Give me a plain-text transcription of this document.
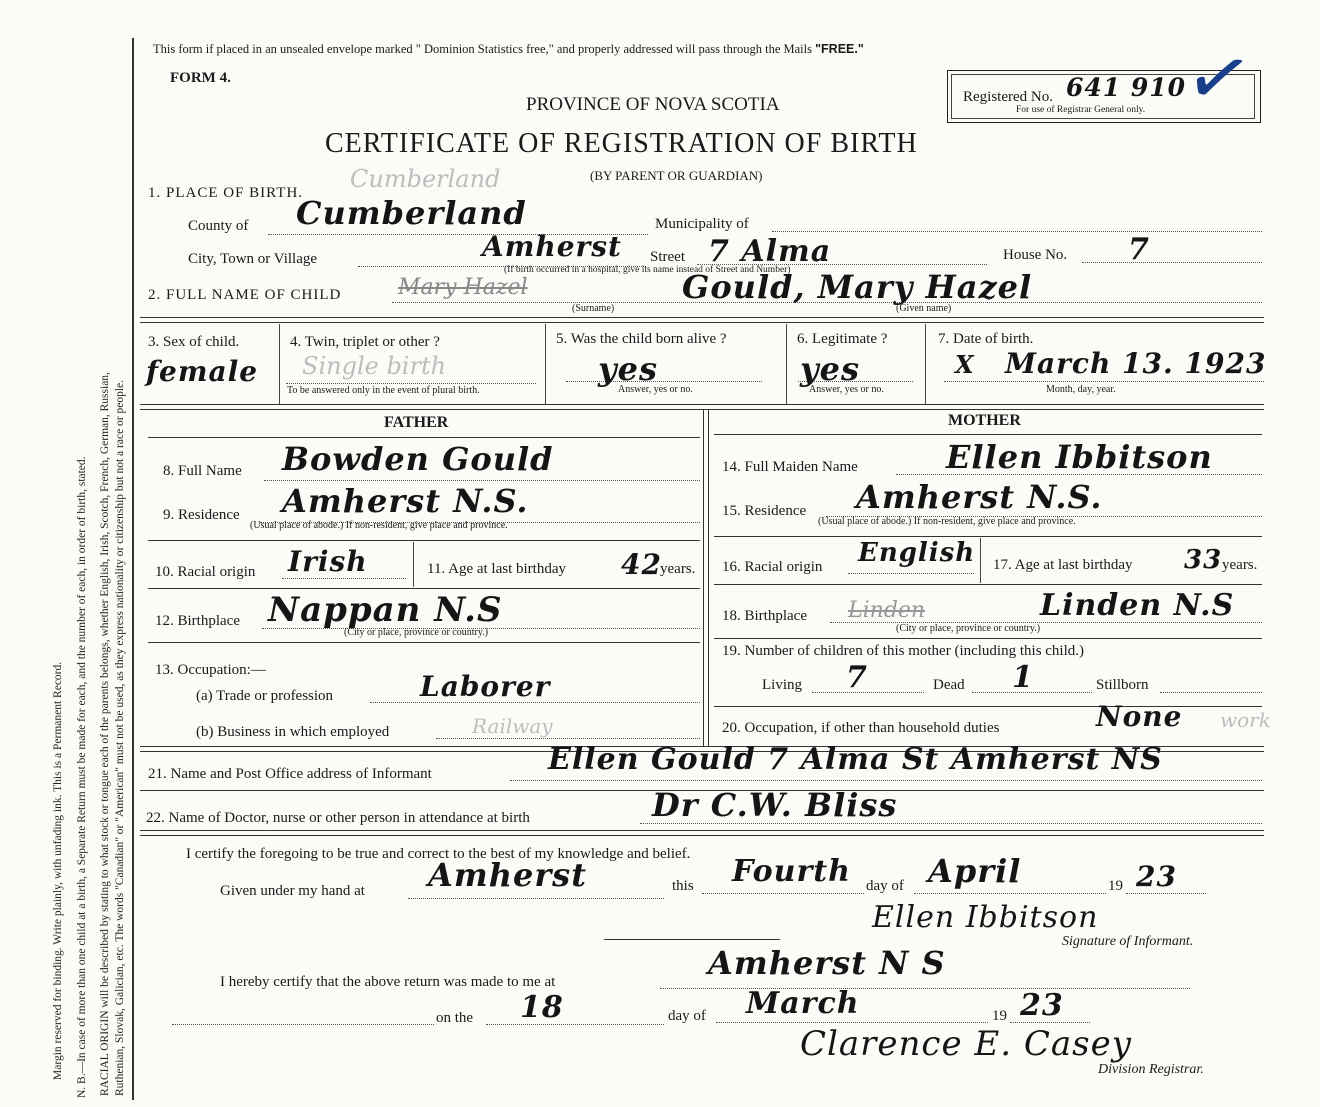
Margin reserved for binding. Write plainly, with unfading ink. This is a Permanent Record. N. B.—In case of more than one child at a birth, a Separate Return must be made for each, and the number of each, in order of birth, stated. RACIAL ORIGIN will be described by stating to what stock or tongue each of the parents belongs, whether English, Irish, Scotch, French, German, Russian, Ruthenian, Slovak, Galician, etc. The words "Canadian" or "American" must not be used, as they express nationality or citizenship but not a race or people.
This form if placed in an unsealed envelope marked " Dominion Statistics free," and properly addressed will pass through the Mails "FREE."
FORM 4.
PROVINCE OF NOVA SCOTIA
CERTIFICATE OF REGISTRATION OF BIRTH
(BY PARENT OR GUARDIAN)
Registered No. 641 910
For use of Registrar General only. ✓
1. PLACE OF BIRTH. Cumberland
County of Cumberland	Municipality of
City, Town or Village	Amherst Street 7 Alma	House No. 7
(If birth occurred in a hospital, give its name instead of Street and Number)
2. FULL NAME OF CHILD	Mary Hazel	Gould, Mary Hazel
(Surname)	(Given name)
3. Sex of child.
female
4. Twin, triplet or other ?
Single birth
To be answered only in the event of plural birth.
5. Was the child born alive ?
yes
Answer, yes or no.
6. Legitimate ?
yes
Answer, yes or no.
7. Date of birth.
X March 13. 1923
Month, day, year.
FATHER	MOTHER
8. Full Name Bowden Gould
9. Residence Amherst N.S.
(Usual place of abode.) If non-resident, give place and province.
10. Racial origin Irish	11. Age at last birthday 42
years.
12. Birthplace Nappan N.S
(City or place, province or country.)
13. Occupation:—
(a) Trade or profession	Laborer
(b) Business in which employed	Railway
14. Full Maiden Name	Ellen Ibbitson
15. Residence Amherst N.S.
(Usual place of abode.) If non-resident, give place and province.
16. Racial origin English 17. Age at last birthday 33 years.
18. Birthplace Linden	Linden N.S
(City or place, province or country.)
19. Number of children of this mother (including this child.)
Living 7	Dead 1	Stillborn
20. Occupation, if other than household duties	None work
21. Name and Post Office address of Informant	Ellen Gould 7 Alma St Amherst NS
22. Name of Doctor, nurse or other person in attendance at birth	Dr C.W. Bliss
I certify the foregoing to be true and correct to the best of my knowledge and belief.
Given under my hand at Amherst	this Fourth day of April	19 23
Ellen Ibbitson
Signature of Informant.
I hereby certify that the above return was made to me at	Amherst N S
on the 18	day of March	19 23
Clarence E. Casey
Division Registrar.
